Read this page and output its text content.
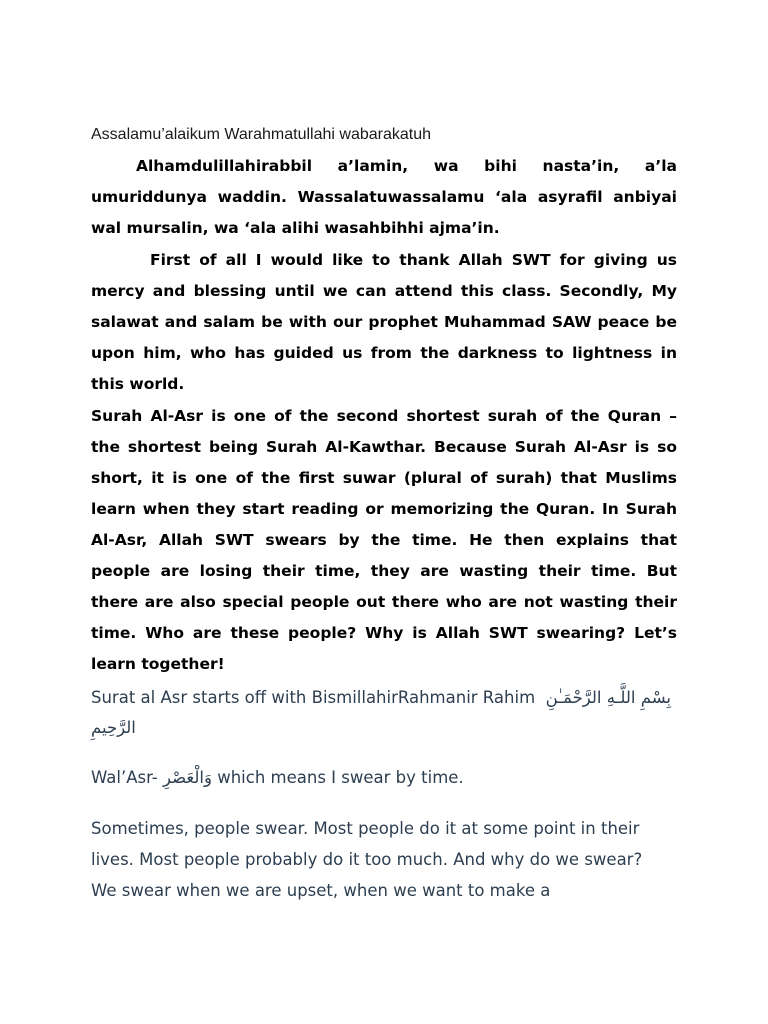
Assalamu’alaikum Warahmatullahi wabarakatuh

Alhamdulillahirabbil a’lamin, wa bihi nasta’in, a’la umuriddunya waddin. Wassalatuwassalamu ‘ala asyrafil anbiyai wal mursalin, wa ‘ala alihi wasahbihhi ajma’in.

First of all I would like to thank Allah SWT for giving us mercy and blessing until we can attend this class. Secondly, My salawat and salam be with our prophet Muhammad SAW peace be upon him, who has guided us from the darkness to lightness in this world.

Surah Al-Asr is one of the second shortest surah of the Quran – the shortest being Surah Al-Kawthar. Because Surah Al-Asr is so short, it is one of the first suwar (plural of surah) that Muslims learn when they start reading or memorizing the Quran. In Surah Al-Asr, Allah SWT swears by the time. He then explains that people are losing their time, they are wasting their time. But there are also special people out there who are not wasting their time. Who are these people? Why is Allah SWT swearing? Let’s learn together!

Surat al Asr starts off with BismillahirRahmanir Rahim بِسْمِ اللَّـهِ الرَّحْمَـٰنِ الرَّحِيمِ

Wal’Asr- وَالْعَصْرِ which means I swear by time.

Sometimes, people swear. Most people do it at some point in their lives. Most people probably do it too much. And why do we swear? We swear when we are upset, when we want to make a
